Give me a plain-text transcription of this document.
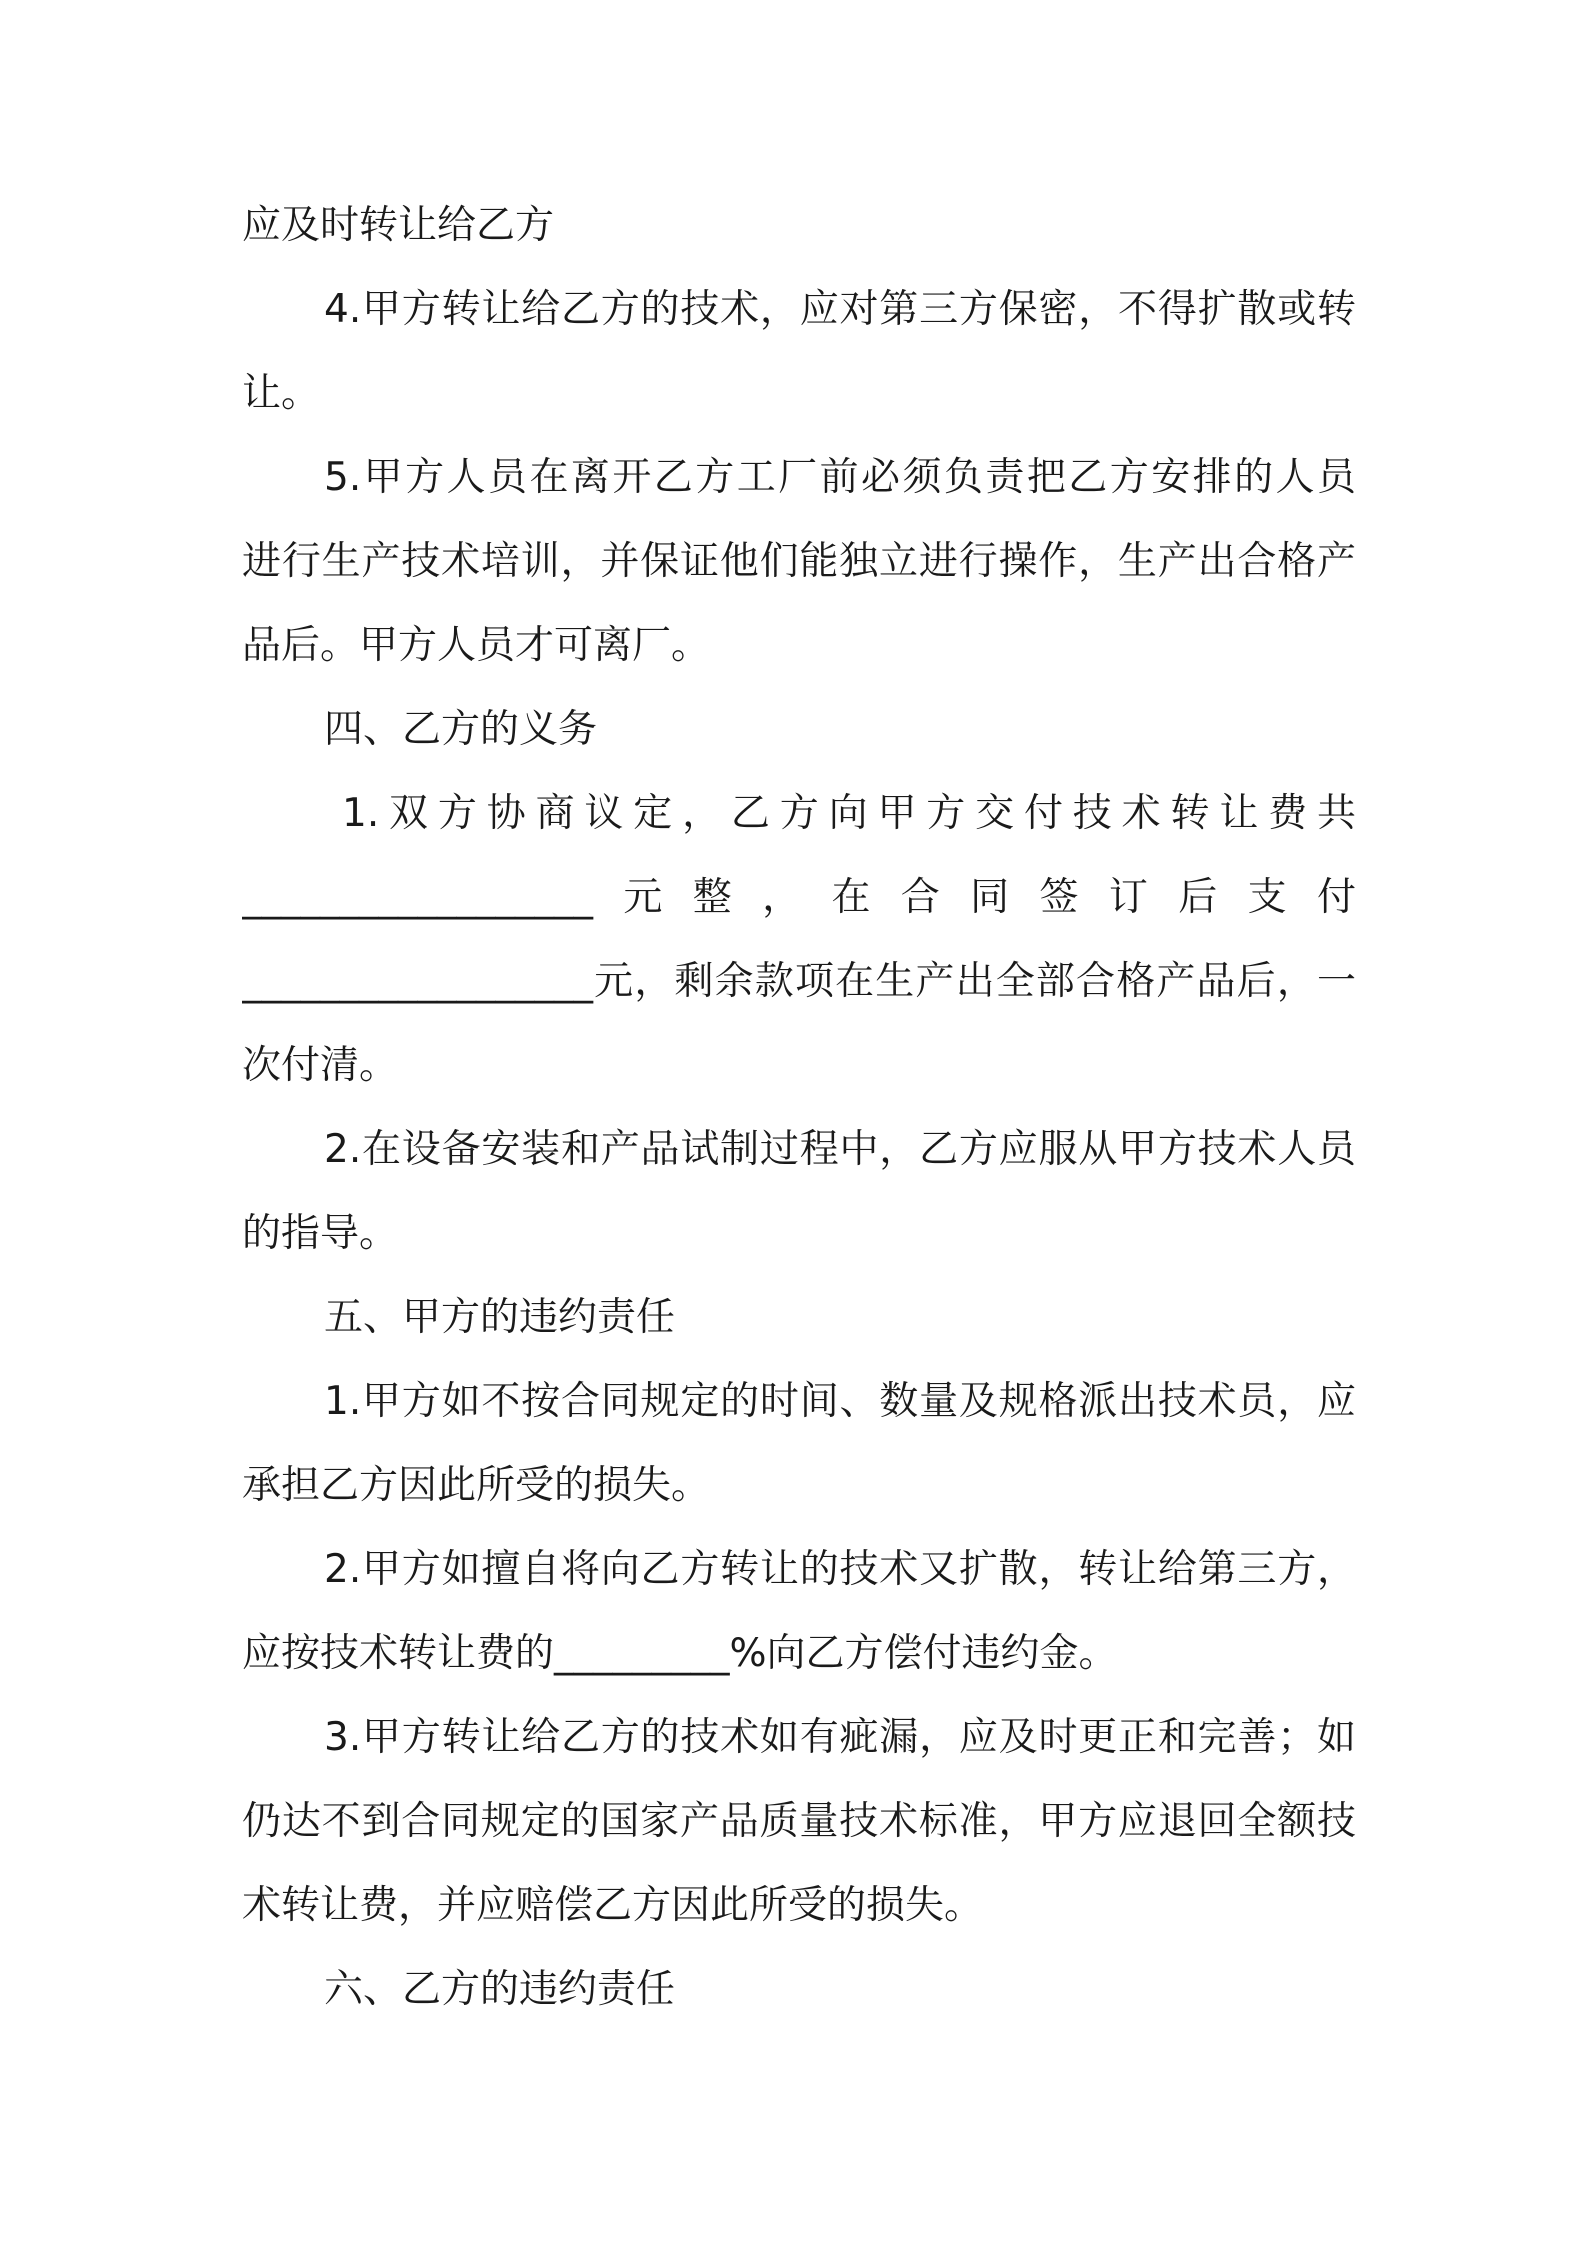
应及时转让给乙方
4.甲方转让给乙方的技术，应对第三方保密，不得扩散或转
让。
5.甲方人员在离开乙方工厂前必须负责把乙方安排的人员
进行生产技术培训，并保证他们能独立进行操作，生产出合格产
品后。甲方人员才可离厂。
四、乙方的义务
1.双方协商议定，乙方向甲方交付技术转让费共
__________________元整，在合同签订后支付
__________________元，剩余款项在生产出全部合格产品后，一
次付清。
2.在设备安装和产品试制过程中，乙方应服从甲方技术人员
的指导。
五、甲方的违约责任
1.甲方如不按合同规定的时间、数量及规格派出技术员，应
承担乙方因此所受的损失。
2.甲方如擅自将向乙方转让的技术又扩散，转让给第三方，
应按技术转让费的_________%向乙方偿付违约金。
3.甲方转让给乙方的技术如有疵漏，应及时更正和完善；如
仍达不到合同规定的国家产品质量技术标准，甲方应退回全额技
术转让费，并应赔偿乙方因此所受的损失。
六、乙方的违约责任
